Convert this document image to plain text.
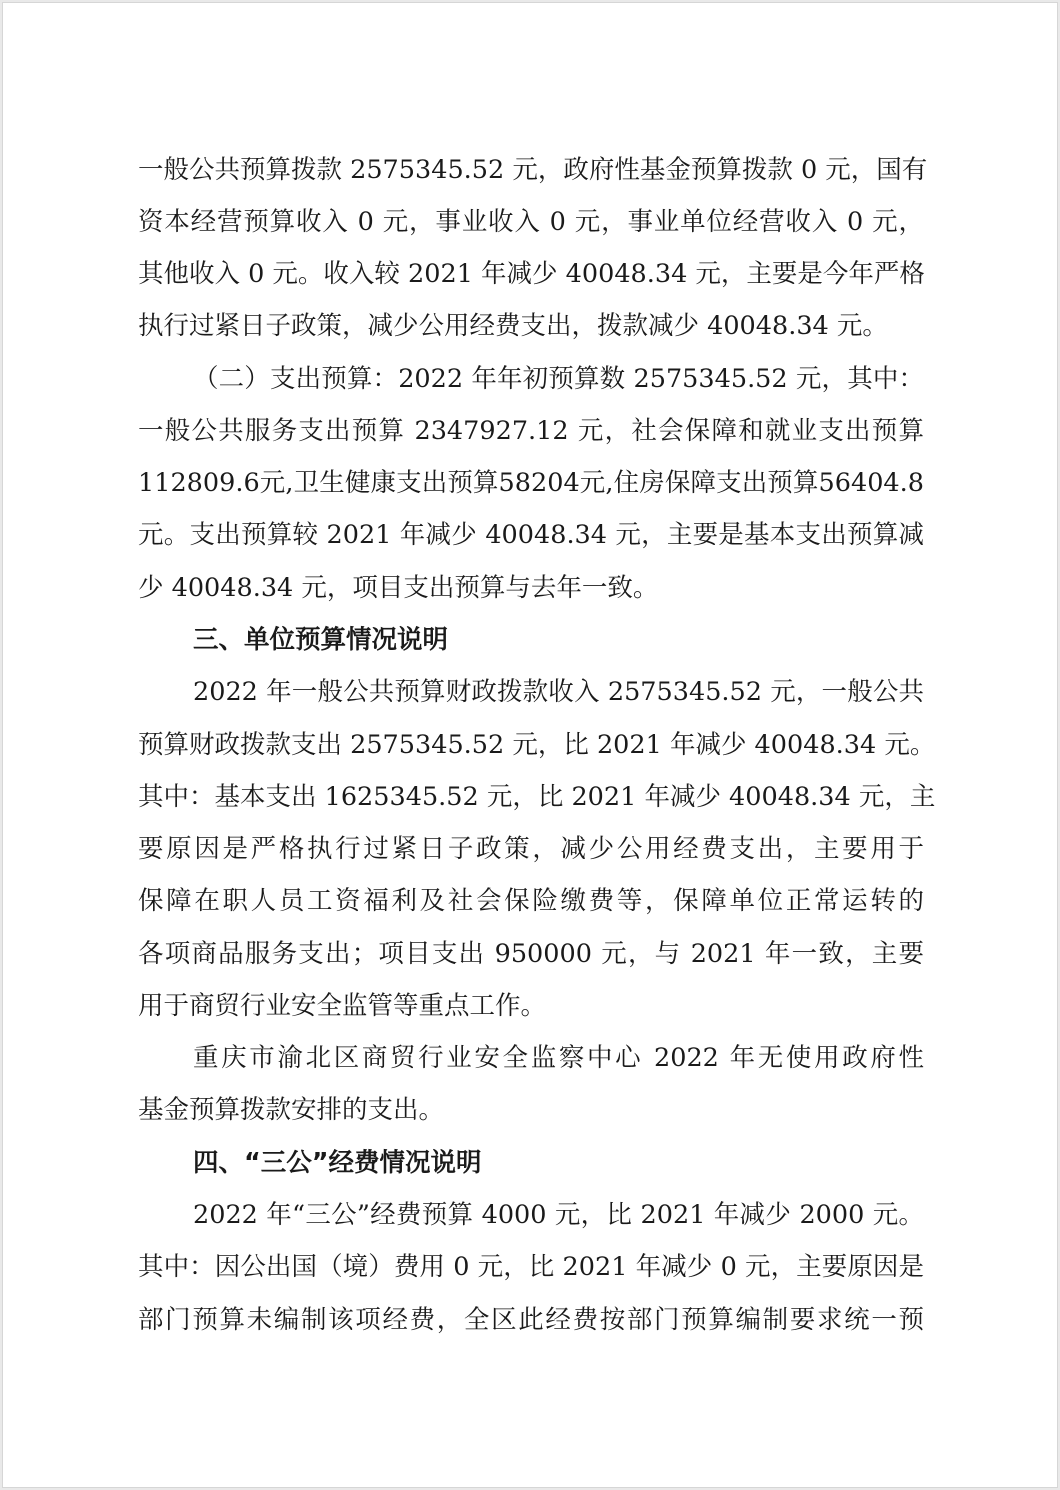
一般公共预算拨款 2575345.52 元，政府性基金预算拨款 0 元，国有
资本经营预算收入 0 元，事业收入 0 元，事业单位经营收入 0 元，
其他收入 0 元。收入较 2021 年减少 40048.34 元，主要是今年严格
执行过紧日子政策，减少公用经费支出，拨款减少 40048.34 元。
（二）支出预算：2022 年年初预算数 2575345.52 元，其中：
一般公共服务支出预算 2347927.12 元，社会保障和就业支出预算
112809.6元,卫生健康支出预算58204元,住房保障支出预算56404.8
元。支出预算较 2021 年减少 40048.34 元，主要是基本支出预算减
少 40048.34 元，项目支出预算与去年一致。
三、单位预算情况说明
2022 年一般公共预算财政拨款收入 2575345.52 元，一般公共
预算财政拨款支出 2575345.52 元，比 2021 年减少 40048.34 元。
其中：基本支出 1625345.52 元，比 2021 年减少 40048.34 元，主
要原因是严格执行过紧日子政策，减少公用经费支出，主要用于
保障在职人员工资福利及社会保险缴费等，保障单位正常运转的
各项商品服务支出；项目支出 950000 元，与 2021 年一致，主要
用于商贸行业安全监管等重点工作。
重庆市渝北区商贸行业安全监察中心 2022 年无使用政府性
基金预算拨款安排的支出。
四、“三公”经费情况说明
2022 年“三公”经费预算 4000 元，比 2021 年减少 2000 元。
其中：因公出国（境）费用 0 元，比 2021 年减少 0 元，主要原因是
部门预算未编制该项经费，全区此经费按部门预算编制要求统一预
